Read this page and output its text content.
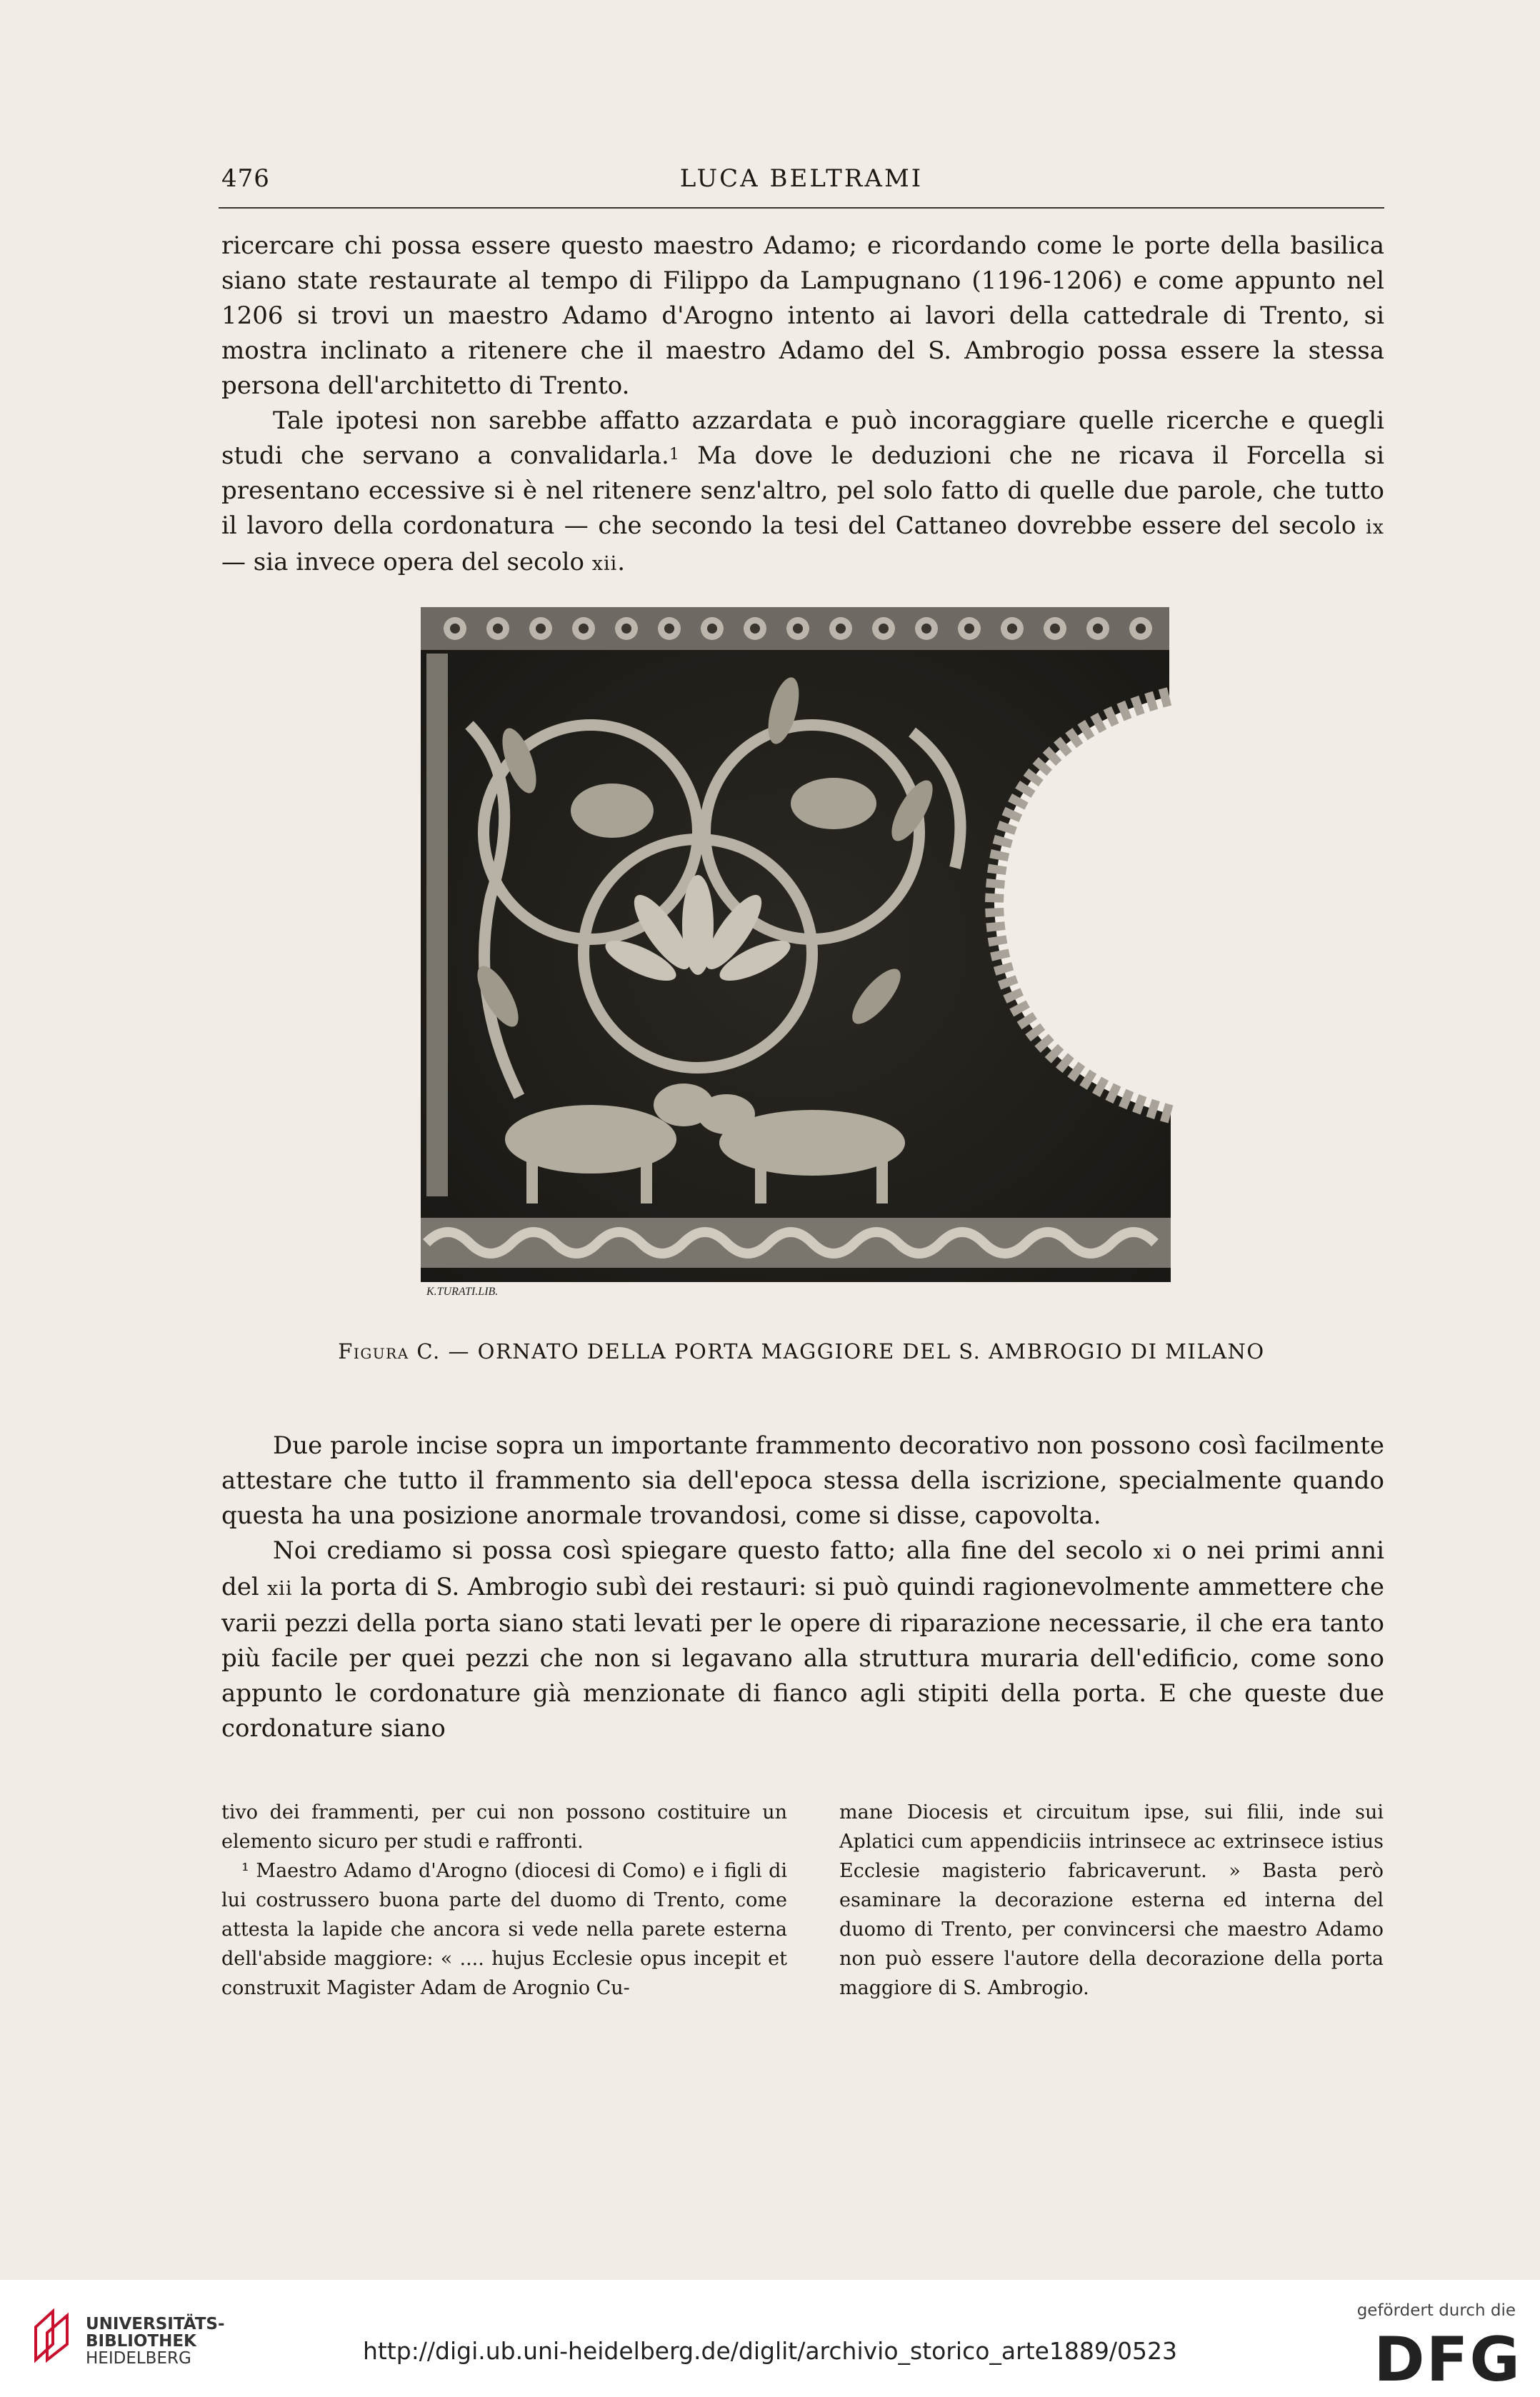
476	LUCA BELTRAMI

ricercare chi possa essere questo maestro Adamo; e ricordando come le porte della basilica siano state restaurate al tempo di Filippo da Lampugnano (1196-1206) e come appunto nel 1206 si trovi un maestro Adamo d'Arogno intento ai lavori della cattedrale di Trento, si mostra inclinato a ritenere che il maestro Adamo del S. Ambrogio possa essere la stessa persona dell'architetto di Trento.

Tale ipotesi non sarebbe affatto azzardata e può incoraggiare quelle ricerche e quegli studi che servano a convalidarla.$^1$ Ma dove le deduzioni che ne ricava il Forcella si presentano eccessive si è nel ritenere senz'altro, pel solo fatto di quelle due parole, che tutto il lavoro della cordonatura — che secondo la tesi del Cattaneo dovrebbe essere del secolo ix — sia invece opera del secolo xii.

K.TURATI.LIB.
Figura C. — ORNATO DELLA PORTA MAGGIORE DEL S. AMBROGIO DI MILANO

Due parole incise sopra un importante frammento decorativo non possono così facilmente attestare che tutto il frammento sia dell'epoca stessa della iscrizione, specialmente quando questa ha una posizione anormale trovandosi, come si disse, capovolta.

Noi crediamo si possa così spiegare questo fatto; alla fine del secolo xi o nei primi anni del xii la porta di S. Ambrogio subì dei restauri: si può quindi ragionevolmente ammettere che varii pezzi della porta siano stati levati per le opere di riparazione necessarie, il che era tanto più facile per quei pezzi che non si legavano alla struttura muraria dell'edificio, come sono appunto le cordonature già menzionate di fianco agli stipiti della porta. E che queste due cordonature siano

tivo dei frammenti, per cui non possono costituire un elemento sicuro per studi e raffronti.

¹ Maestro Adamo d'Arogno (diocesi di Como) e i figli di lui costrussero buona parte del duomo di Trento, come attesta la lapide che ancora si vede nella parete esterna dell'abside maggiore: « .... hujus Ecclesie opus incepit et construxit Magister Adam de Arognio Cu-

mane Diocesis et circuitum ipse, sui filii, inde sui Aplatici cum appendiciis intrinsece ac extrinsece istius Ecclesie magisterio fabricaverunt. » Basta però esaminare la decorazione esterna ed interna del duomo di Trento, per convincersi che maestro Adamo non può essere l'autore della decorazione della porta maggiore di S. Ambrogio.

UNIVERSITÄTS-
BIBLIOTHEK
HEIDELBERG	http://digi.ub.uni-heidelberg.de/diglit/archivio_storico_arte1889/0523
gefördert durch die
DFG
